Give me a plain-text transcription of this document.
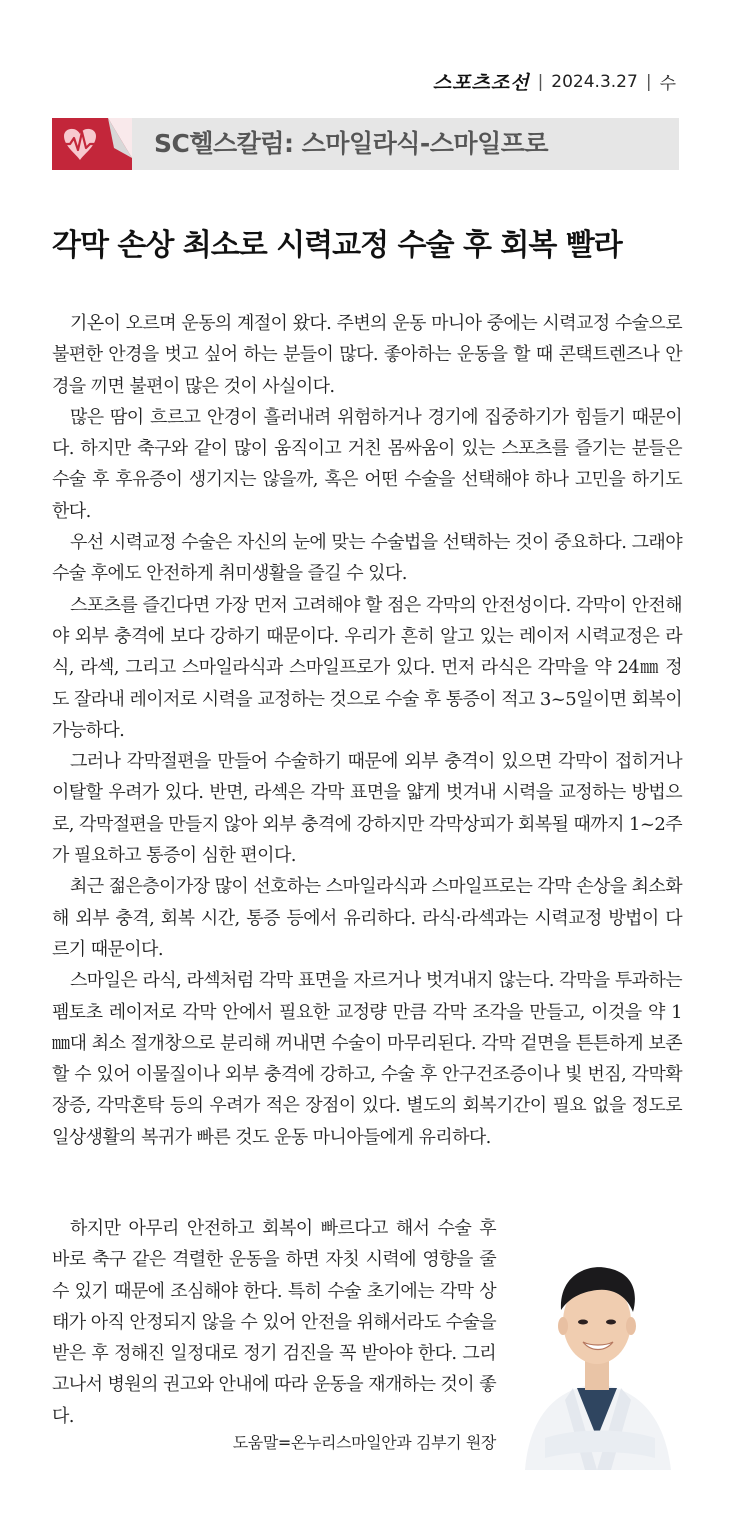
스포츠조선 | 2024.3.27 | 수
SC헬스칼럼: 스마일라식-스마일프로
각막 손상 최소로 시력교정 수술 후 회복 빨라

기온이 오르며 운동의 계절이 왔다. 주변의 운동 마니아 중에는 시력교정 수술으로 불편한 안경을 벗고 싶어 하는 분들이 많다. 좋아하는 운동을 할 때 콘택트렌즈나 안경을 끼면 불편이 많은 것이 사실이다.

많은 땀이 흐르고 안경이 흘러내려 위험하거나 경기에 집중하기가 힘들기 때문이다. 하지만 축구와 같이 많이 움직이고 거친 몸싸움이 있는 스포츠를 즐기는 분들은 수술 후 후유증이 생기지는 않을까, 혹은 어떤 수술을 선택해야 하나 고민을 하기도 한다.

우선 시력교정 수술은 자신의 눈에 맞는 수술법을 선택하는 것이 중요하다. 그래야 수술 후에도 안전하게 취미생활을 즐길 수 있다.

스포츠를 즐긴다면 가장 먼저 고려해야 할 점은 각막의 안전성이다. 각막이 안전해야 외부 충격에 보다 강하기 때문이다. 우리가 흔히 알고 있는 레이저 시력교정은 라식, 라섹, 그리고 스마일라식과 스마일프로가 있다. 먼저 라식은 각막을 약 24㎜ 정도 잘라내 레이저로 시력을 교정하는 것으로 수술 후 통증이 적고 3~5일이면 회복이 가능하다.

그러나 각막절편을 만들어 수술하기 때문에 외부 충격이 있으면 각막이 접히거나 이탈할 우려가 있다. 반면, 라섹은 각막 표면을 얇게 벗겨내 시력을 교정하는 방법으로, 각막절편을 만들지 않아 외부 충격에 강하지만 각막상피가 회복될 때까지 1~2주가 필요하고 통증이 심한 편이다.

최근 젊은층이가장 많이 선호하는 스마일라식과 스마일프로는 각막 손상을 최소화해 외부 충격, 회복 시간, 통증 등에서 유리하다. 라식·라섹과는 시력교정 방법이 다르기 때문이다.

스마일은 라식, 라섹처럼 각막 표면을 자르거나 벗겨내지 않는다. 각막을 투과하는 펨토초 레이저로 각막 안에서 필요한 교정량 만큼 각막 조각을 만들고, 이것을 약 1㎜대 최소 절개창으로 분리해 꺼내면 수술이 마무리된다. 각막 겉면을 튼튼하게 보존할 수 있어 이물질이나 외부 충격에 강하고, 수술 후 안구건조증이나 빛 번짐, 각막확장증, 각막혼탁 등의 우려가 적은 장점이 있다. 별도의 회복기간이 필요 없을 정도로 일상생활의 복귀가 빠른 것도 운동 마니아들에게 유리하다.

하지만 아무리 안전하고 회복이 빠르다고 해서 수술 후 바로 축구 같은 격렬한 운동을 하면 자칫 시력에 영향을 줄 수 있기 때문에 조심해야 한다. 특히 수술 초기에는 각막 상태가 아직 안정되지 않을 수 있어 안전을 위해서라도 수술을 받은 후 정해진 일정대로 정기 검진을 꼭 받아야 한다. 그리고나서 병원의 권고와 안내에 따라 운동을 재개하는 것이 좋다.

도움말=온누리스마일안과 김부기 원장
